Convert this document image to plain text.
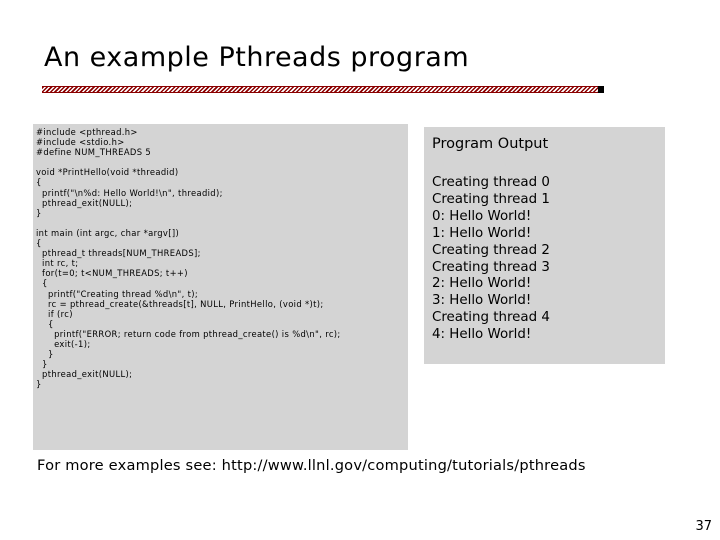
An example Pthreads program
#include <pthread.h>
#include <stdio.h>
#define NUM_THREADS 5

void *PrintHello(void *threadid)
{
printf("\n%d: Hello World!\n", threadid);
pthread_exit(NULL);
}

int main (int argc, char *argv[])
{
pthread_t threads[NUM_THREADS];
int rc, t;
for(t=0; t<NUM_THREADS; t++)
{
printf("Creating thread %d\n", t);
rc = pthread_create(&threads[t], NULL, PrintHello, (void *)t);
if (rc)
{
printf("ERROR; return code from pthread_create() is %d\n", rc);
exit(-1);
}
}
pthread_exit(NULL);
}

Program Output
Creating thread 0
Creating thread 1
0: Hello World!
1: Hello World!
Creating thread 2
Creating thread 3
2: Hello World!
3: Hello World!
Creating thread 4
4: Hello World!
For more examples see: http://www.llnl.gov/computing/tutorials/pthreads
37
